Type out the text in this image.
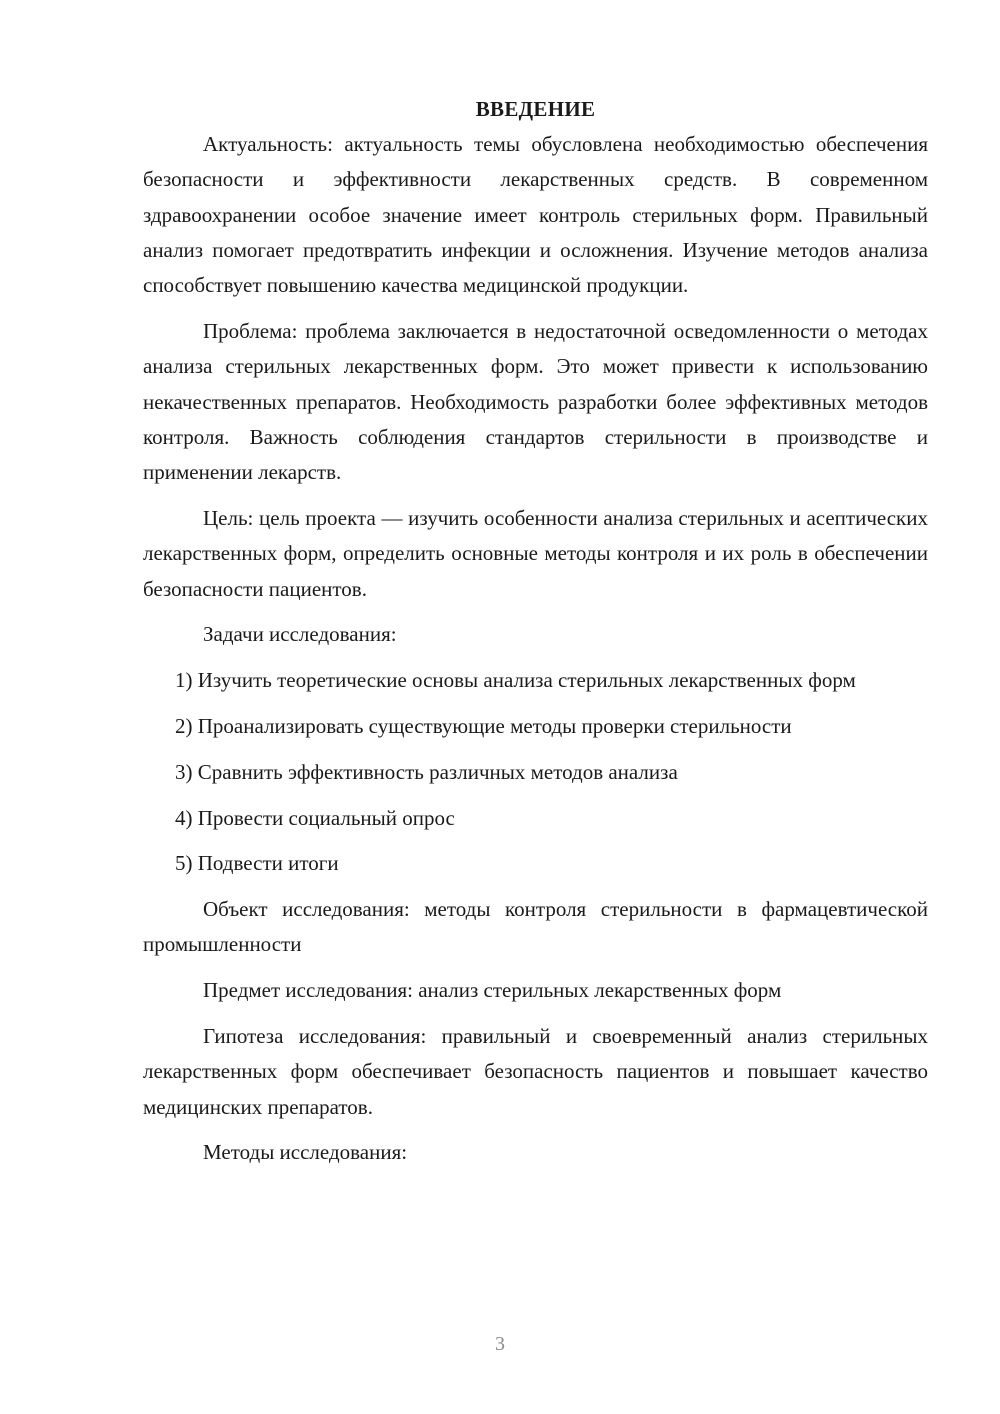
ВВЕДЕНИЕ

Актуальность: актуальность темы обусловлена необходимостью обеспечения безопасности и эффективности лекарственных средств. В современном здравоохранении особое значение имеет контроль стерильных форм. Правильный анализ помогает предотвратить инфекции и осложнения. Изучение методов анализа способствует повышению качества медицинской продукции.

Проблема: проблема заключается в недостаточной осведомленности о методах анализа стерильных лекарственных форм. Это может привести к использованию некачественных препаратов. Необходимость разработки более эффективных методов контроля. Важность соблюдения стандартов стерильности в производстве и применении лекарств.

Цель: цель проекта — изучить особенности анализа стерильных и асептических лекарственных форм, определить основные методы контроля и их роль в обеспечении безопасности пациентов.

Задачи исследования:

1) Изучить теоретические основы анализа стерильных лекарственных форм

2) Проанализировать существующие методы проверки стерильности

3) Сравнить эффективность различных методов анализа

4) Провести социальный опрос

5) Подвести итоги

Объект исследования: методы контроля стерильности в фармацевтической промышленности

Предмет исследования: анализ стерильных лекарственных форм

Гипотеза исследования: правильный и своевременный анализ стерильных лекарственных форм обеспечивает безопасность пациентов и повышает качество медицинских препаратов.

Методы исследования:

3
